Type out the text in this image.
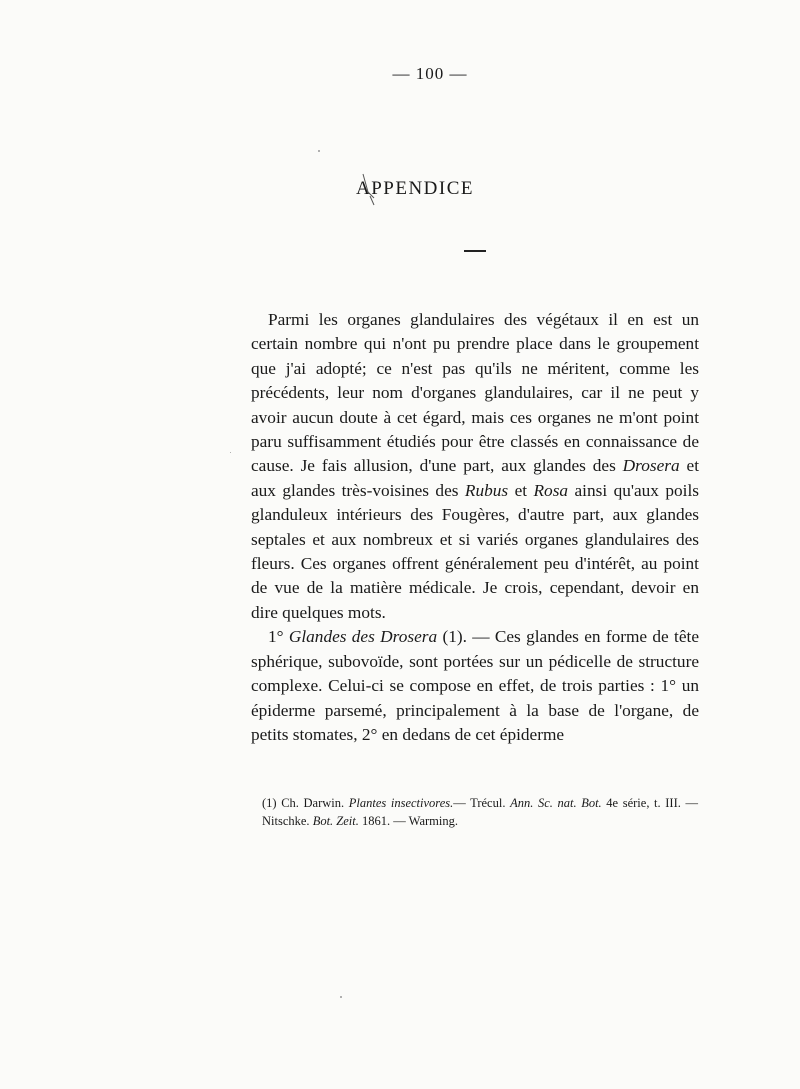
— 100 —
APPENDICE

Parmi les organes glandulaires des végétaux il en est un certain nombre qui n'ont pu prendre place dans le groupement que j'ai adopté; ce n'est pas qu'ils ne méritent, comme les précédents, leur nom d'organes glandulaires, car il ne peut y avoir aucun doute à cet égard, mais ces organes ne m'ont point paru suffisamment étudiés pour être classés en connaissance de cause. Je fais allusion, d'une part, aux glandes des Drosera et aux glandes très-voisines des Rubus et Rosa ainsi qu'aux poils glanduleux intérieurs des Fougères, d'autre part, aux glandes septales et aux nombreux et si variés organes glandulaires des fleurs. Ces organes offrent généralement peu d'intérêt, au point de vue de la matière médicale. Je crois, cependant, devoir en dire quelques mots.

1° Glandes des Drosera (1). — Ces glandes en forme de tête sphérique, subovoïde, sont portées sur un pédicelle de structure complexe. Celui-ci se compose en effet, de trois parties : 1° un épiderme parsemé, principalement à la base de l'organe, de petits stomates, 2° en dedans de cet épiderme

(1) Ch. Darwin. Plantes insectivores.— Trécul. Ann. Sc. nat. Bot. 4e série, t. III. — Nitschke. Bot. Zeit. 1861. — Warming.
